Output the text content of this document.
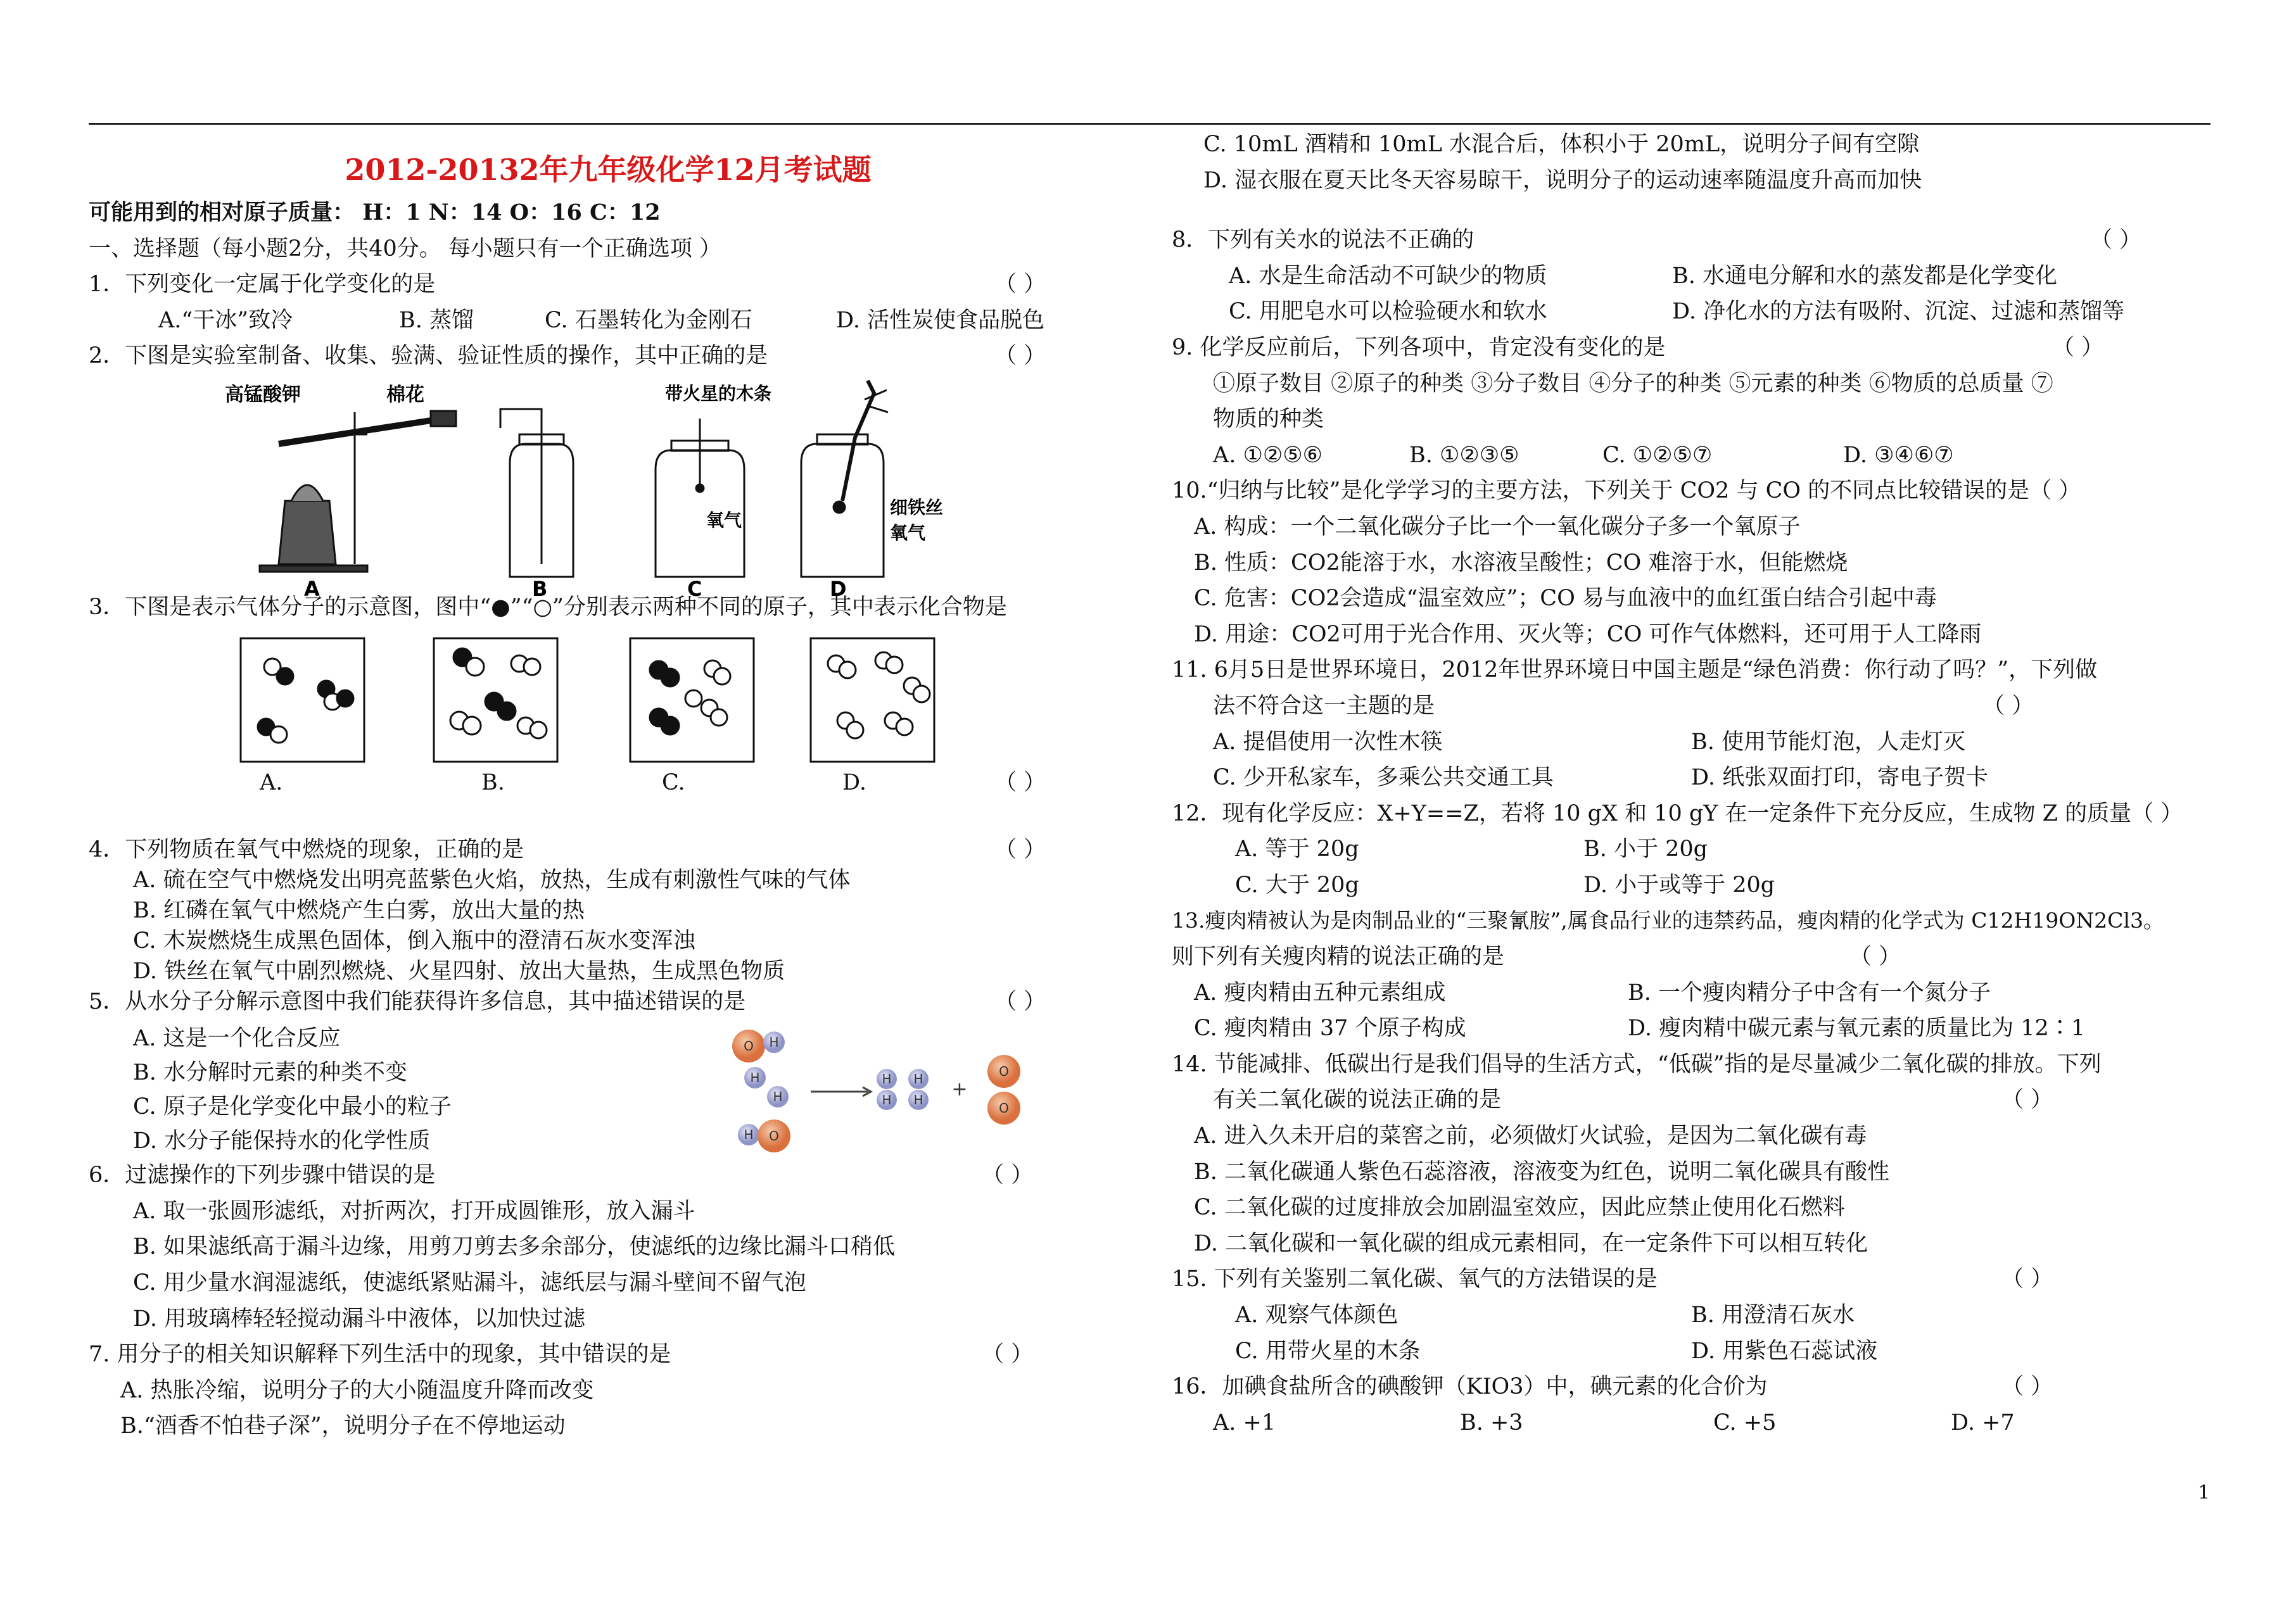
2012-20132年九年级化学12月考试题
可能用到的相对原子质量： H：1 N：14 O：16 C：12
一、选择题（每小题2分，共40分。 每小题只有一个正确选项 ）
1．下列变化一定属于化学变化的是	（ ）
A.“干冰”致冷	B. 蒸馏	C. 石墨转化为金刚石	D. 活性炭使食品脱色
2．下图是实验室制备、收集、验满、验证性质的操作，其中正确的是	（ ）
高锰酸钾	棉花
A	B
带火星的木条
氧气
C
细铁丝
氧气
D
3．下图是表示气体分子的示意图，图中“●”“○”分别表示两种不同的原子，其中表示化合物是
A.	B.	C.	D.	（ ）
4．下列物质在氧气中燃烧的现象，正确的是	（ ）
A. 硫在空气中燃烧发出明亮蓝紫色火焰，放热，生成有刺激性气味的气体
B. 红磷在氧气中燃烧产生白雾，放出大量的热
C. 木炭燃烧生成黑色固体，倒入瓶中的澄清石灰水变浑浊
D. 铁丝在氧气中剧烈燃烧、火星四射、放出大量热，生成黑色物质
5．从水分子分解示意图中我们能获得许多信息，其中描述错误的是	（ ）
A. 这是一个化合反应
B. 水分解时元素的种类不变
C. 原子是化学变化中最小的粒子
D. 水分子能保持水的化学性质
O H
H
H
H O
H
H
H
H +
O
O
6．过滤操作的下列步骤中错误的是	（ ）
A. 取一张圆形滤纸，对折两次，打开成圆锥形，放入漏斗
B. 如果滤纸高于漏斗边缘，用剪刀剪去多余部分，使滤纸的边缘比漏斗口稍低
C. 用少量水润湿滤纸，使滤纸紧贴漏斗，滤纸层与漏斗壁间不留气泡
D. 用玻璃棒轻轻搅动漏斗中液体，以加快过滤
7. 用分子的相关知识解释下列生活中的现象，其中错误的是	（ ）
A. 热胀冷缩，说明分子的大小随温度升降而改变
B.“酒香不怕巷子深”，说明分子在不停地运动
C. 10mL 酒精和 10mL 水混合后，体积小于 20mL，说明分子间有空隙
D. 湿衣服在夏天比冬天容易晾干，说明分子的运动速率随温度升高而加快
8．下列有关水的说法不正确的	（ ）
A. 水是生命活动不可缺少的物质	B. 水通电分解和水的蒸发都是化学变化
C. 用肥皂水可以检验硬水和软水	D. 净化水的方法有吸附、沉淀、过滤和蒸馏等
9. 化学反应前后，下列各项中，肯定没有变化的是	（ ）
①原子数目 ②原子的种类 ③分子数目 ④分子的种类 ⑤元素的种类 ⑥物质的总质量 ⑦
物质的种类
A. ①②⑤⑥	B. ①②③⑤	C. ①②⑤⑦	D. ③④⑥⑦
10.“归纳与比较”是化学学习的主要方法，下列关于 CO2 与 CO 的不同点比较错误的是（ ）
A. 构成：一个二氧化碳分子比一个一氧化碳分子多一个氧原子
B. 性质：CO2能溶于水，水溶液呈酸性；CO 难溶于水，但能燃烧
C. 危害：CO2会造成“温室效应”；CO 易与血液中的血红蛋白结合引起中毒
D. 用途：CO2可用于光合作用、灭火等；CO 可作气体燃料，还可用于人工降雨
11. 6月5日是世界环境日，2012年世界环境日中国主题是“绿色消费：你行动了吗？”，下列做
法不符合这一主题的是	（ ）
A. 提倡使用一次性木筷	B. 使用节能灯泡，人走灯灭
C. 少开私家车，多乘公共交通工具	D. 纸张双面打印，寄电子贺卡
12．现有化学反应：X+Y==Z，若将 10 gX 和 10 gY 在一定条件下充分反应，生成物 Z 的质量（ ）
A. 等于 20g	B. 小于 20g
C. 大于 20g	D. 小于或等于 20g
13.瘦肉精被认为是肉制品业的“三聚氰胺”,属食品行业的违禁药品，瘦肉精的化学式为 C12H19ON2Cl3。
则下列有关瘦肉精的说法正确的是	（ ）
A. 瘦肉精由五种元素组成	B. 一个瘦肉精分子中含有一个氮分子
C. 瘦肉精由 37 个原子构成	D. 瘦肉精中碳元素与氧元素的质量比为 12∶1
14. 节能减排、低碳出行是我们倡导的生活方式，“低碳”指的是尽量减少二氧化碳的排放。下列
有关二氧化碳的说法正确的是	（ ）
A. 进入久未开启的菜窖之前，必须做灯火试验，是因为二氧化碳有毒
B. 二氧化碳通人紫色石蕊溶液，溶液变为红色，说明二氧化碳具有酸性
C. 二氧化碳的过度排放会加剧温室效应，因此应禁止使用化石燃料
D. 二氧化碳和一氧化碳的组成元素相同，在一定条件下可以相互转化
15. 下列有关鉴别二氧化碳、氧气的方法错误的是	（ ）
A. 观察气体颜色	B. 用澄清石灰水
C. 用带火星的木条	D. 用紫色石蕊试液
16．加碘食盐所含的碘酸钾（KIO3）中，碘元素的化合价为	（ ）
A. +1	B. +3	C. +5	D. +7
1
